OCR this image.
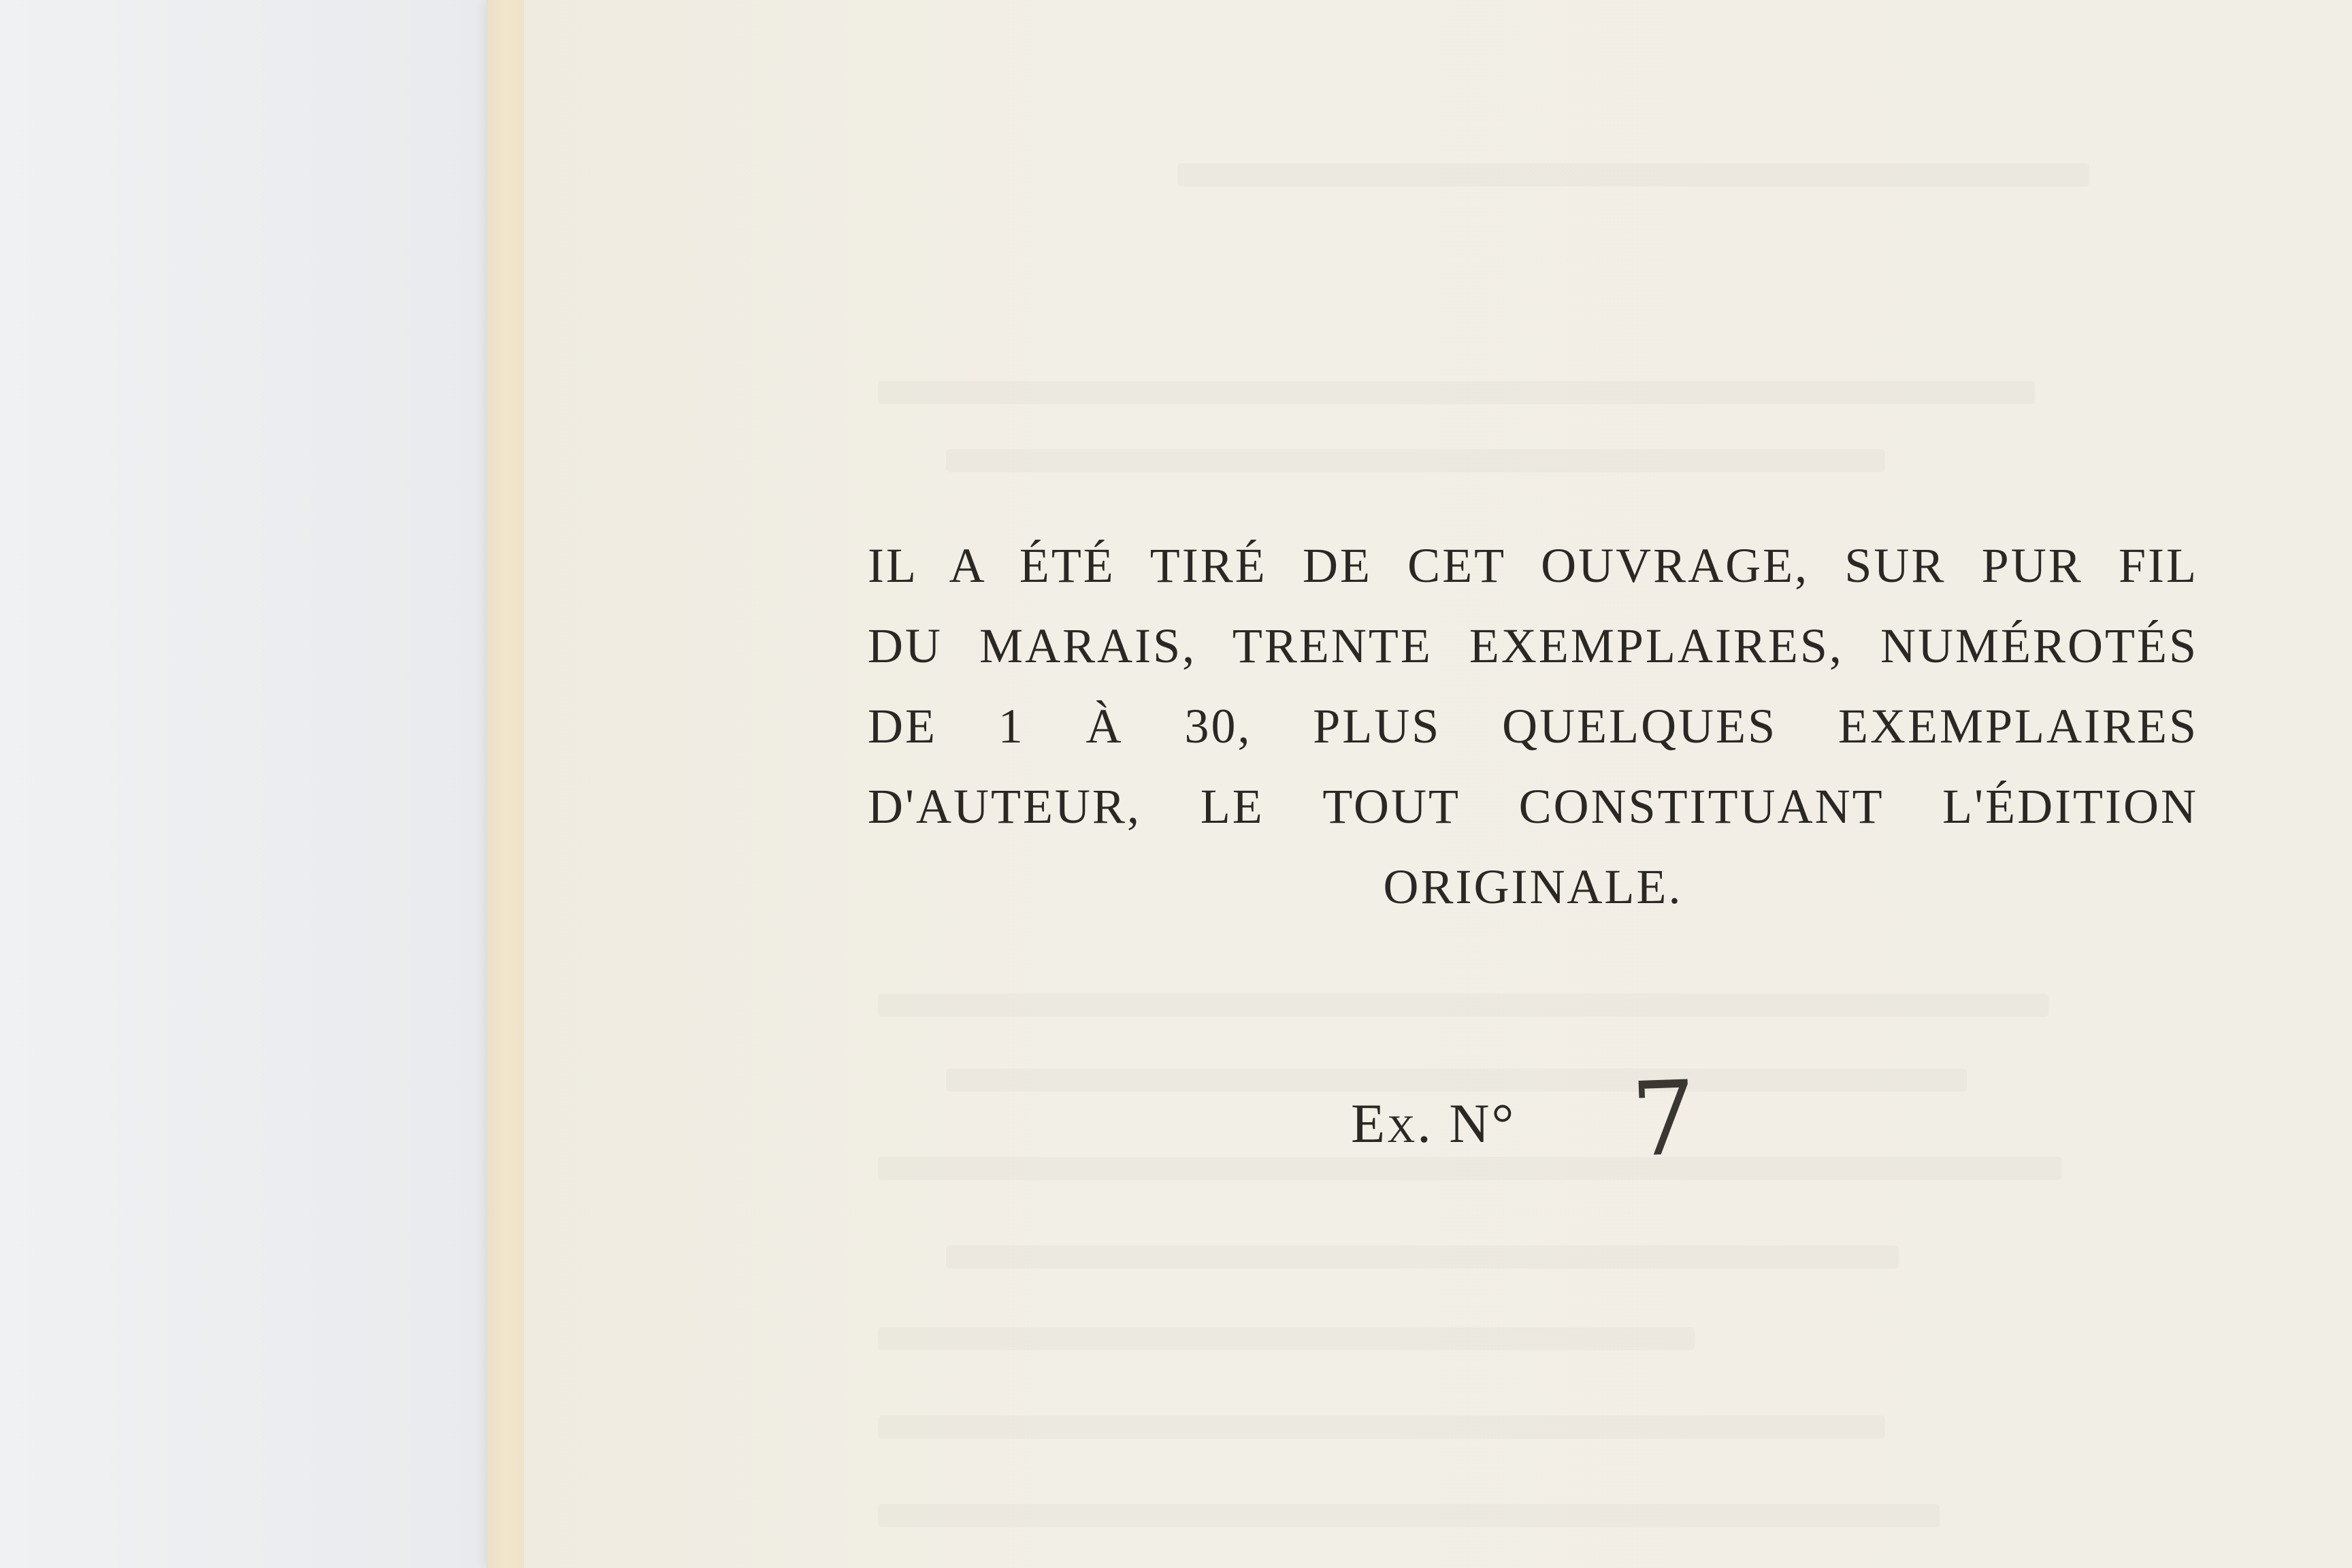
IL A ÉTÉ TIRÉ DE CET OUVRAGE, SUR PUR FIL
DU MARAIS, TRENTE EXEMPLAIRES, NUMÉROTÉS
DE 1 À 30, PLUS QUELQUES EXEMPLAIRES
D'AUTEUR, LE TOUT CONSTITUANT L'ÉDITION
ORIGINALE.
Ex. N° 7
